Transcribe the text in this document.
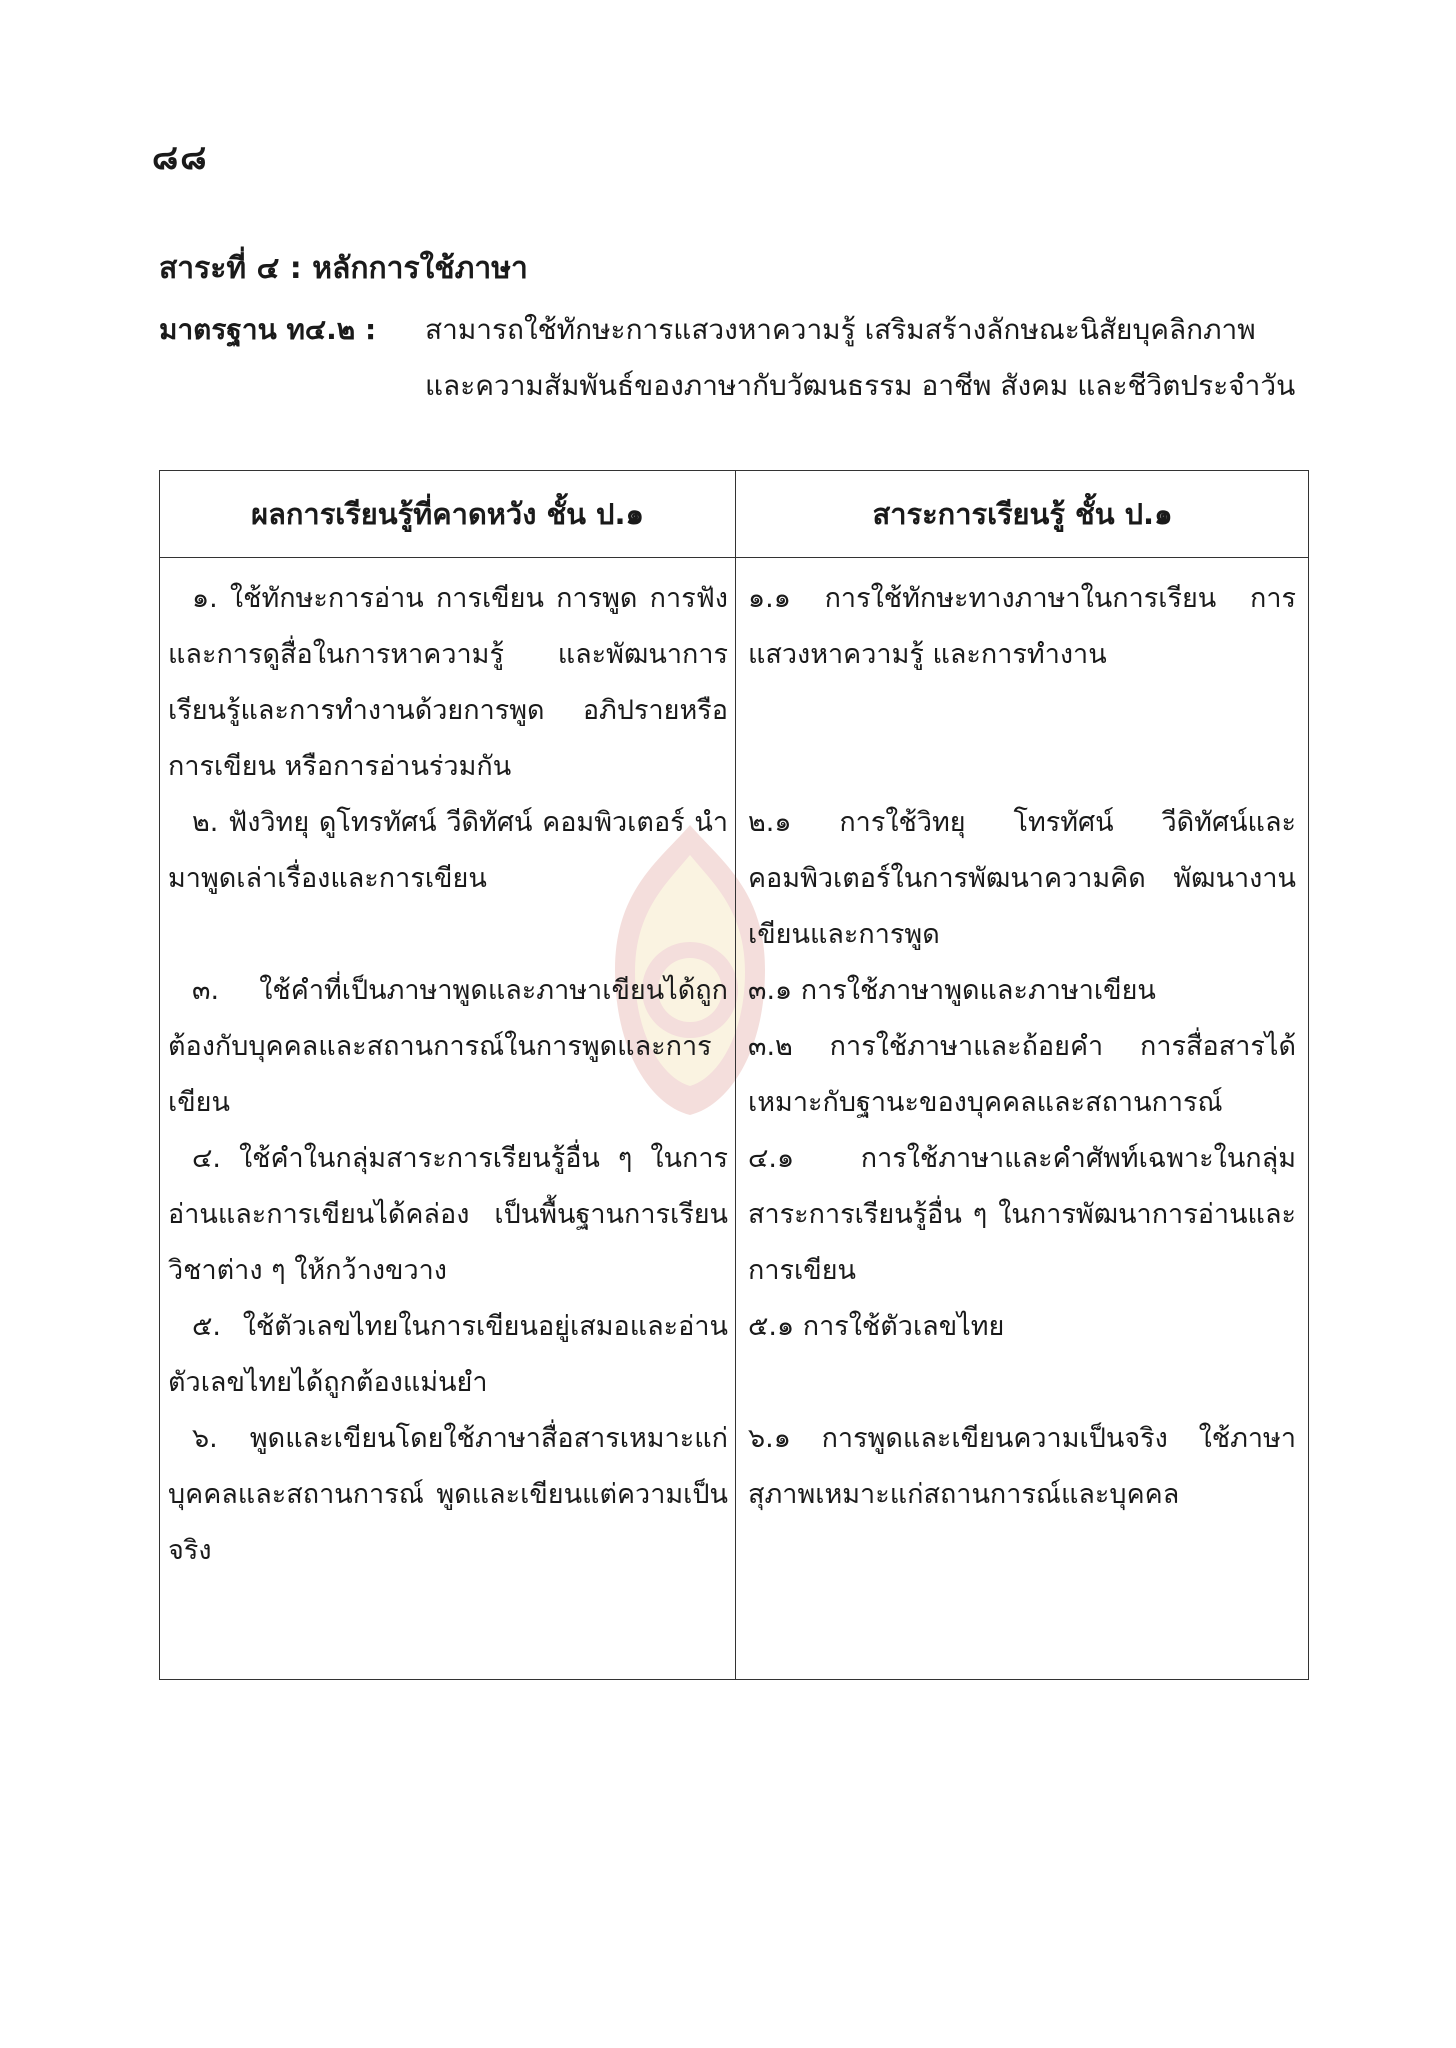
๘๘
สาระที่ ๔ : หลักการใช้ภาษา
มาตรฐาน ท๔.๒ : สามารถใช้ทักษะการแสวงหาความรู้ เสริมสร้างลักษณะนิสัยบุคลิกภาพ
และความสัมพันธ์ของภาษากับวัฒนธรรม อาชีพ สังคม และชีวิตประจำวัน
ผลการเรียนรู้ที่คาดหวัง ชั้น ป.๑	สาระการเรียนรู้ ชั้น ป.๑

๑. ใช้ทักษะการอ่าน การเขียน การพูด การฟังและการดูสื่อในการหาความรู้ และพัฒนาการเรียนรู้และการทำงานด้วยการพูด อภิปรายหรือการเขียน หรือการอ่านร่วมกัน

๒. ฟังวิทยุ ดูโทรทัศน์ วีดิทัศน์ คอมพิวเตอร์ นำมาพูดเล่าเรื่องและการเขียน

๓. ใช้คำที่เป็นภาษาพูดและภาษาเขียนได้ถูกต้องกับบุคคลและสถานการณ์ในการพูดและการเขียน

๔. ใช้คำในกลุ่มสาระการเรียนรู้อื่น ๆ ในการอ่านและการเขียนได้คล่อง เป็นพื้นฐานการเรียนวิชาต่าง ๆ ให้กว้างขวาง

๕. ใช้ตัวเลขไทยในการเขียนอยู่เสมอและอ่านตัวเลขไทยได้ถูกต้องแม่นยำ

๖. พูดและเขียนโดยใช้ภาษาสื่อสารเหมาะแก่บุคคลและสถานการณ์ พูดและเขียนแต่ความเป็นจริง

๑.๑ การใช้ทักษะทางภาษาในการเรียน การแสวงหาความรู้ และการทำงาน

๒.๑ การใช้วิทยุ โทรทัศน์ วีดิทัศน์และคอมพิวเตอร์ในการพัฒนาความคิด พัฒนางานเขียนและการพูด

๓.๑ การใช้ภาษาพูดและภาษาเขียน

๓.๒ การใช้ภาษาและถ้อยคำ การสื่อสารได้เหมาะกับฐานะของบุคคลและสถานการณ์

๔.๑ การใช้ภาษาและคำศัพท์เฉพาะในกลุ่มสาระการเรียนรู้อื่น ๆ ในการพัฒนาการอ่านและการเขียน

๕.๑ การใช้ตัวเลขไทย

๖.๑ การพูดและเขียนความเป็นจริง ใช้ภาษาสุภาพเหมาะแก่สถานการณ์และบุคคล
